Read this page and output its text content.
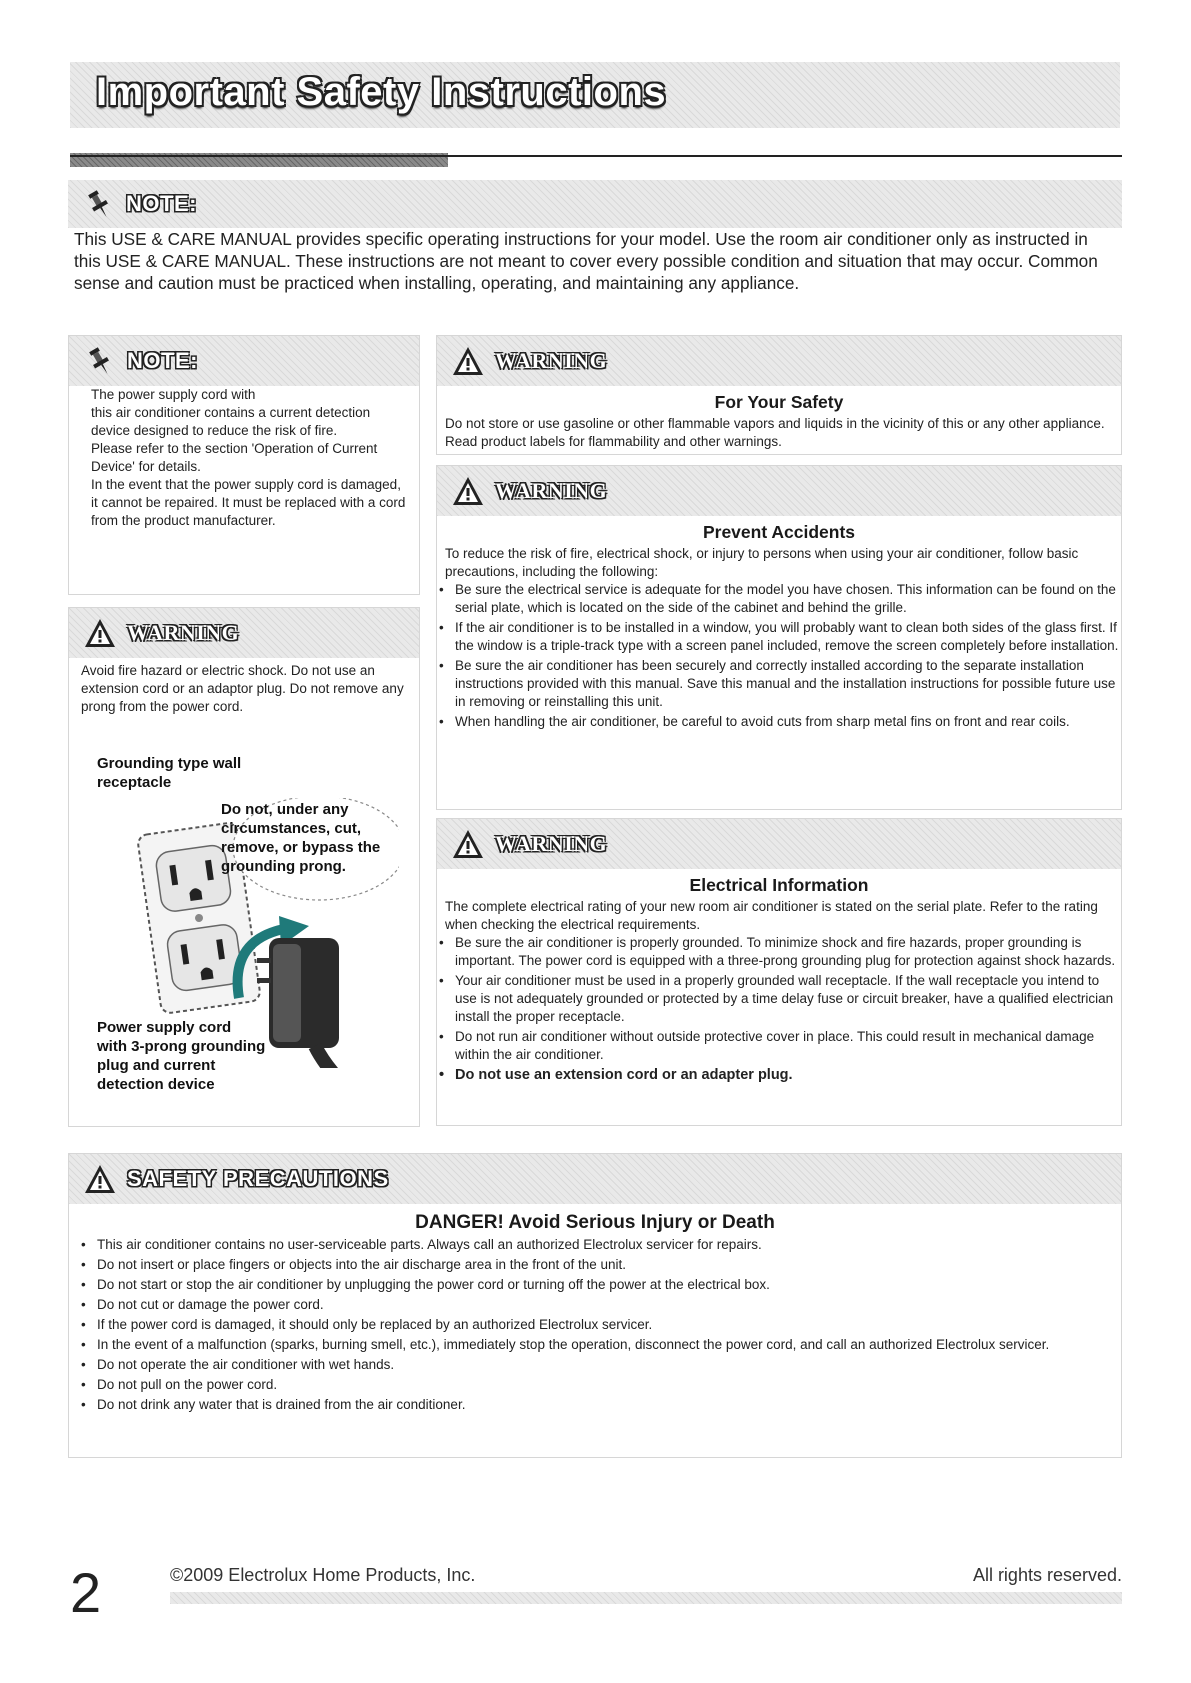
Important Safety Instructions
NOTE:
This USE & CARE MANUAL provides specific operating instructions for your model. Use the room air conditioner only as instructed in this USE & CARE MANUAL. These instructions are not meant to cover every possible condition and situation that may occur. Common sense and caution must be practiced when installing, operating, and maintaining any appliance.
NOTE:
The power supply cord with
this air conditioner contains a current detection device designed to reduce the risk of fire.
Please refer to the section 'Operation of Current Device' for details.
In the event that the power supply cord is damaged, it cannot be repaired. It must be replaced with a cord from the product manufacturer.
WARNING
Avoid fire hazard or electric shock. Do not use an extension cord or an adaptor plug. Do not remove any prong from the power cord.
Grounding type wall
receptacle
Do not, under any
circumstances, cut,
remove, or bypass the
grounding prong.
Power supply cord
with 3-prong grounding
plug and current
detection device
WARNING
For Your Safety
Do not store or use gasoline or other flammable vapors and liquids in the vicinity of this or any other appliance. Read product labels for flammability and other warnings.
WARNING
Prevent Accidents
To reduce the risk of fire, electrical shock, or injury to persons when using your air conditioner, follow basic precautions, including the following:
• Be sure the electrical service is adequate for the model you have chosen. This information can be found on the serial plate, which is located on the side of the cabinet and behind the grille.
• If the air conditioner is to be installed in a window, you will probably want to clean both sides of the glass first. If the window is a triple-track type with a screen panel included, remove the screen completely before installation.
• Be sure the air conditioner has been securely and correctly installed according to the separate installation instructions provided with this manual. Save this manual and the installation instructions for possible future use in removing or reinstalling this unit.
• When handling the air conditioner, be careful to avoid cuts from sharp metal fins on front and rear coils.
WARNING
Electrical Information
The complete electrical rating of your new room air conditioner is stated on the serial plate. Refer to the rating when checking the electrical requirements.
• Be sure the air conditioner is properly grounded. To minimize shock and fire hazards, proper grounding is important. The power cord is equipped with a three-prong grounding plug for protection against shock hazards.
• Your air conditioner must be used in a properly grounded wall receptacle. If the wall receptacle you intend to use is not adequately grounded or protected by a time delay fuse or circuit breaker, have a qualified electrician install the proper receptacle.
• Do not run air conditioner without outside protective cover in place. This could result in mechanical damage within the air conditioner.
• Do not use an extension cord or an adapter plug.
SAFETY PRECAUTIONS
DANGER! Avoid Serious Injury or Death
• This air conditioner contains no user-serviceable parts. Always call an authorized Electrolux servicer for repairs.
• Do not insert or place fingers or objects into the air discharge area in the front of the unit.
• Do not start or stop the air conditioner by unplugging the power cord or turning off the power at the electrical box.
• Do not cut or damage the power cord.
• If the power cord is damaged, it should only be replaced by an authorized Electrolux servicer.
• In the event of a malfunction (sparks, burning smell, etc.), immediately stop the operation, disconnect the power cord, and call an authorized Electrolux servicer.
• Do not operate the air conditioner with wet hands.
• Do not pull on the power cord.
• Do not drink any water that is drained from the air conditioner.
2	©2009 Electrolux Home Products, Inc.	All rights reserved.
